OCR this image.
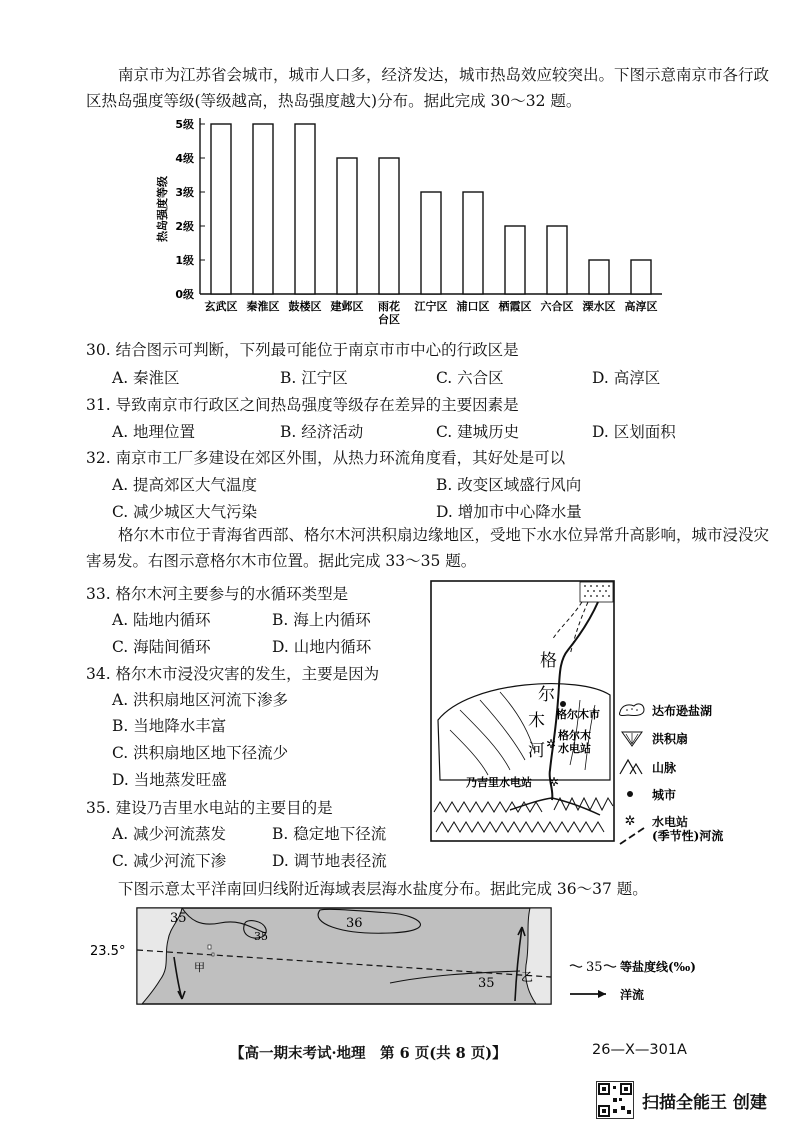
南京市为江苏省会城市，城市人口多，经济发达，城市热岛效应较突出。下图示意南京市各行政区热岛强度等级(等级越高，热岛强度越大)分布。据此完成 30～32 题。
0级
1级
2级
3级
4级
5级
热岛强度等级
玄武区 秦淮区 鼓楼区 建邺区 雨花
台区
江宁区 浦口区 栖霞区 六合区 溧水区 高淳区
30. 结合图示可判断，下列最可能位于南京市市中心的行政区是
A. 秦淮区	B. 江宁区	C. 六合区	D. 高淳区
31. 导致南京市行政区之间热岛强度等级存在差异的主要因素是
A. 地理位置	B. 经济活动	C. 建城历史	D. 区划面积
32. 南京市工厂多建设在郊区外围，从热力环流角度看，其好处是可以
A. 提高郊区大气温度	B. 改变区域盛行风向
C. 减少城区大气污染	D. 增加市中心降水量
格尔木市位于青海省西部、格尔木河洪积扇边缘地区，受地下水水位异常升高影响，城市浸没灾害易发。右图示意格尔木市位置。据此完成 33～35 题。
33. 格尔木河主要参与的水循环类型是
A. 陆地内循环	B. 海上内循环
C. 海陆间循环	D. 山地内循环
34. 格尔木市浸没灾害的发生，主要是因为
A. 洪积扇地区河流下渗多
B. 当地降水丰富
C. 洪积扇地区地下径流少
D. 当地蒸发旺盛
35. 建设乃吉里水电站的主要目的是
A. 减少河流蒸发	B. 稳定地下径流
C. 减少河流下渗	D. 调节地表径流
格尔木市
✲
格尔木
水电站
✲
乃吉里水电站
格
尔
木
河
达布逊盐湖
洪积扇
山脉
城市
✲ 水电站
(季节性)河流
下图示意太平洋南回归线附近海域表层海水盐度分布。据此完成 36～37 题。
23.5°
35
35
36
35
甲
乙
35 等盐度线(‰)
洋流
【高一期末考试·地理　第 6 页(共 8 页)】	26—X—301A
扫描全能王 创建
